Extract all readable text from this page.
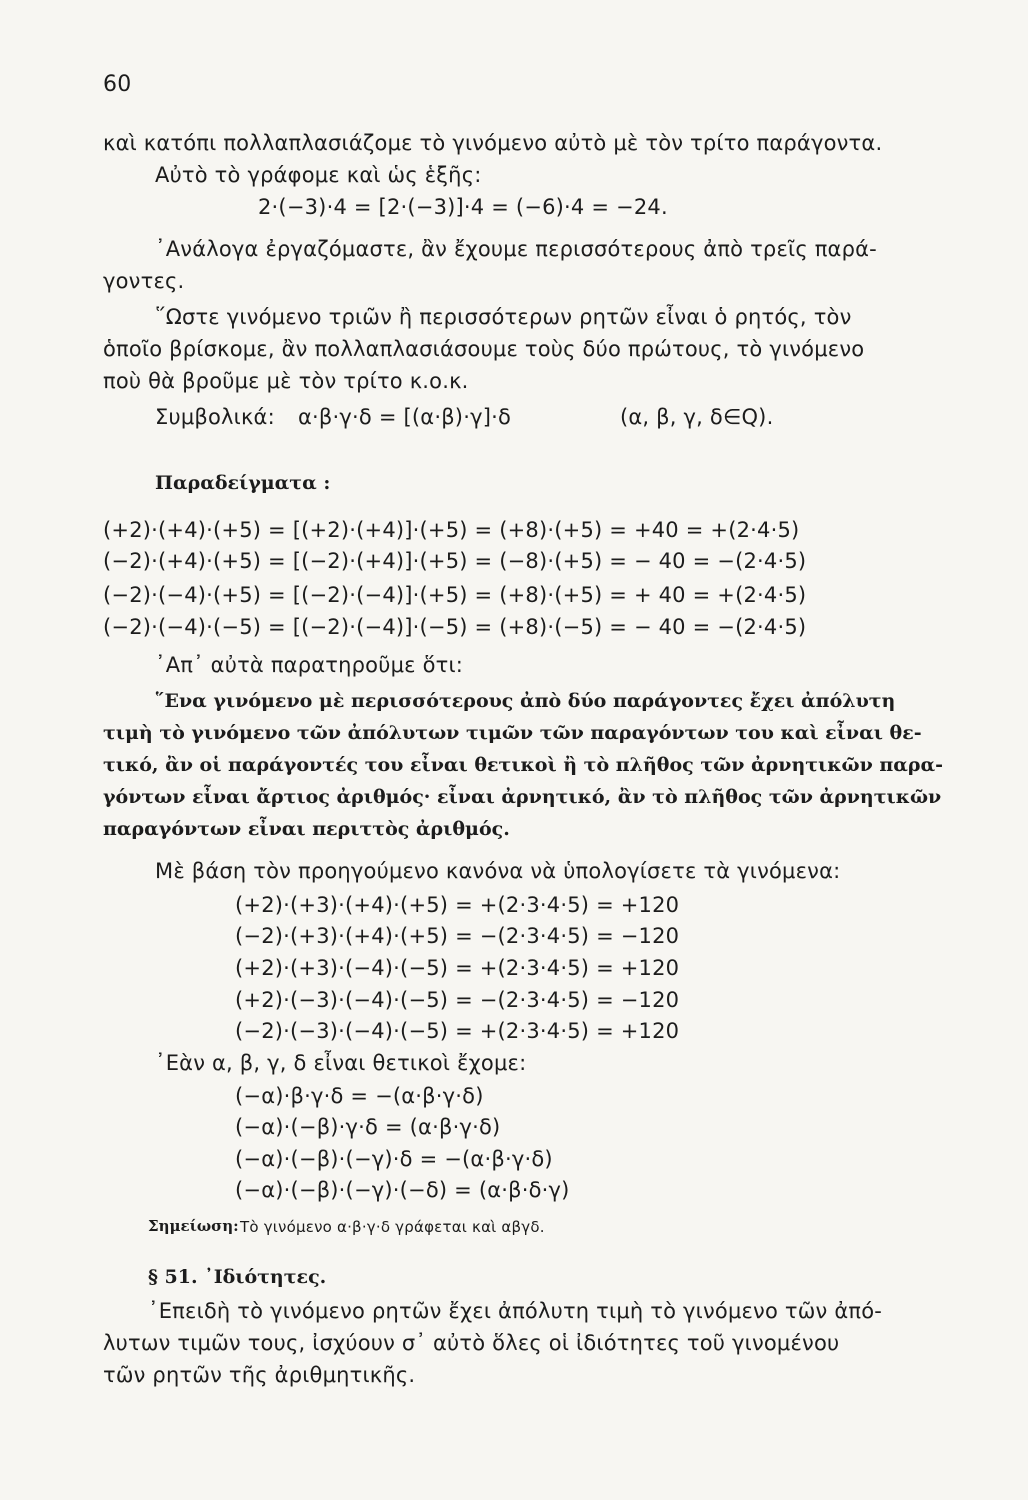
60
καὶ κατόπι πολλαπλασιάζομε τὸ γινόμενο αὐτὸ μὲ τὸν τρίτο παράγοντα.
Αὐτὸ τὸ γράφομε καὶ ὡς ἑξῆς:
2·(−3)·4 = [2·(−3)]·4 = (−6)·4 = −24.
᾿Ανάλογα ἐργαζόμαστε, ἂν ἔχουμε περισσότερους ἀπὸ τρεῖς παρά-
γοντες.
῞Ωστε γινόμενο τριῶν ἢ περισσότερων ρητῶν εἶναι ὁ ρητός, τὸν
ὁποῖο βρίσκομε, ἂν πολλαπλασιάσουμε τοὺς δύο πρώτους, τὸ γινόμενο
ποὺ θὰ βροῦμε μὲ τὸν τρίτο κ.ο.κ.
Συμβολικά: α·β·γ·δ = [(α·β)·γ]·δ	(α, β, γ, δ∈Q).
Παραδείγματα :
(+2)·(+4)·(+5) = [(+2)·(+4)]·(+5) = (+8)·(+5) = +40 = +(2·4·5)
(−2)·(+4)·(+5) = [(−2)·(+4)]·(+5) = (−8)·(+5) = − 40 = −(2·4·5)
(−2)·(−4)·(+5) = [(−2)·(−4)]·(+5) = (+8)·(+5) = + 40 = +(2·4·5)
(−2)·(−4)·(−5) = [(−2)·(−4)]·(−5) = (+8)·(−5) = − 40 = −(2·4·5)
᾿Απ᾿ αὐτὰ παρατηροῦμε ὅτι:
῞Ενα γινόμενο μὲ περισσότερους ἀπὸ δύο παράγοντες ἔχει ἀπόλυτη
τιμὴ τὸ γινόμενο τῶν ἀπόλυτων τιμῶν τῶν παραγόντων του καὶ εἶναι θε-
τικό, ἂν οἱ παράγοντές του εἶναι θετικοὶ ἢ τὸ πλῆθος τῶν ἀρνητικῶν παρα-
γόντων εἶναι ἄρτιος ἀριθμός· εἶναι ἀρνητικό, ἂν τὸ πλῆθος τῶν ἀρνητικῶν
παραγόντων εἶναι περιττὸς ἀριθμός.
Μὲ βάση τὸν προηγούμενο κανόνα νὰ ὑπολογίσετε τὰ γινόμενα:
(+2)·(+3)·(+4)·(+5) = +(2·3·4·5) = +120
(−2)·(+3)·(+4)·(+5) = −(2·3·4·5) = −120
(+2)·(+3)·(−4)·(−5) = +(2·3·4·5) = +120
(+2)·(−3)·(−4)·(−5) = −(2·3·4·5) = −120
(−2)·(−3)·(−4)·(−5) = +(2·3·4·5) = +120
᾿Εὰν α, β, γ, δ εἶναι θετικοὶ ἔχομε:
(−α)·β·γ·δ = −(α·β·γ·δ)
(−α)·(−β)·γ·δ = (α·β·γ·δ)
(−α)·(−β)·(−γ)·δ = −(α·β·γ·δ)
(−α)·(−β)·(−γ)·(−δ) = (α·β·δ·γ)
Σημείωση: Τὸ γινόμενο α·β·γ·δ γράφεται καὶ αβγδ.
§ 51. ᾿Ιδιότητες.
᾿Επειδὴ τὸ γινόμενο ρητῶν ἔχει ἀπόλυτη τιμὴ τὸ γινόμενο τῶν ἀπό-
λυτων τιμῶν τους, ἰσχύουν σ᾿ αὐτὸ ὅλες οἱ ἰδιότητες τοῦ γινομένου
τῶν ρητῶν τῆς ἀριθμητικῆς.
